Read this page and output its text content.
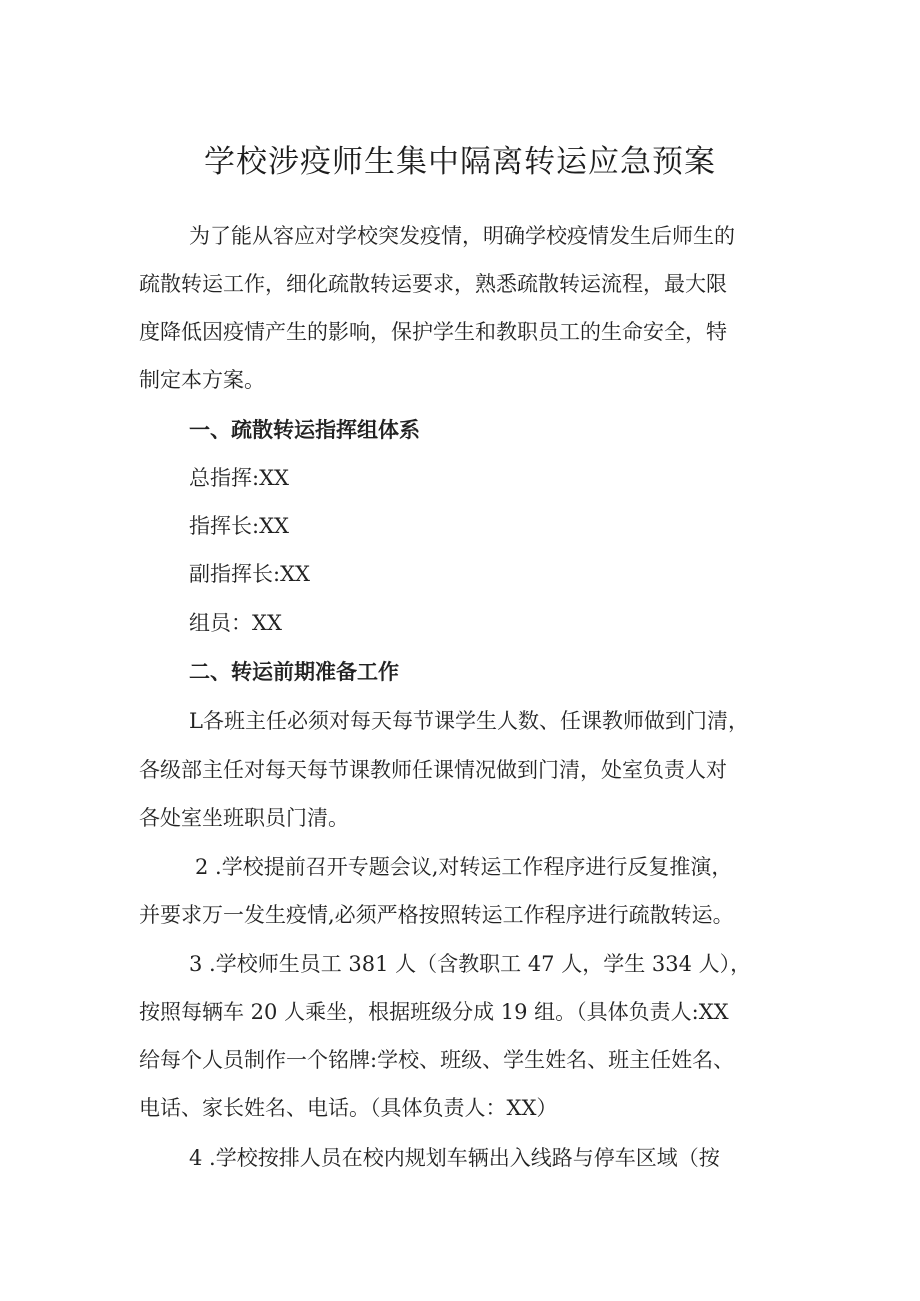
学校涉疫师生集中隔离转运应急预案
为了能从容应对学校突发疫情，明确学校疫情发生后师生的
疏散转运工作，细化疏散转运要求，熟悉疏散转运流程，最大限
度降低因疫情产生的影响，保护学生和教职员工的生命安全，特
制定本方案。
一、疏散转运指挥组体系
总指挥:XX
指挥长:XX
副指挥长:XX
组员：XX
二、转运前期准备工作
L各班主任必须对每天每节课学生人数、任课教师做到门清，
各级部主任对每天每节课教师任课情况做到门清，处室负责人对
各处室坐班职员门清。
2 .学校提前召开专题会议,对转运工作程序进行反复推演，
并要求万一发生疫情,必须严格按照转运工作程序进行疏散转运。
3 .学校师生员工 381 人（含教职工 47 人，学生 334 人），
按照每辆车 20 人乘坐，根据班级分成 19 组。（具体负责人:XX
给每个人员制作一个铭牌:学校、班级、学生姓名、班主任姓名、
电话、家长姓名、电话。（具体负责人：XX）
4 .学校按排人员在校内规划车辆出入线路与停车区域（按
